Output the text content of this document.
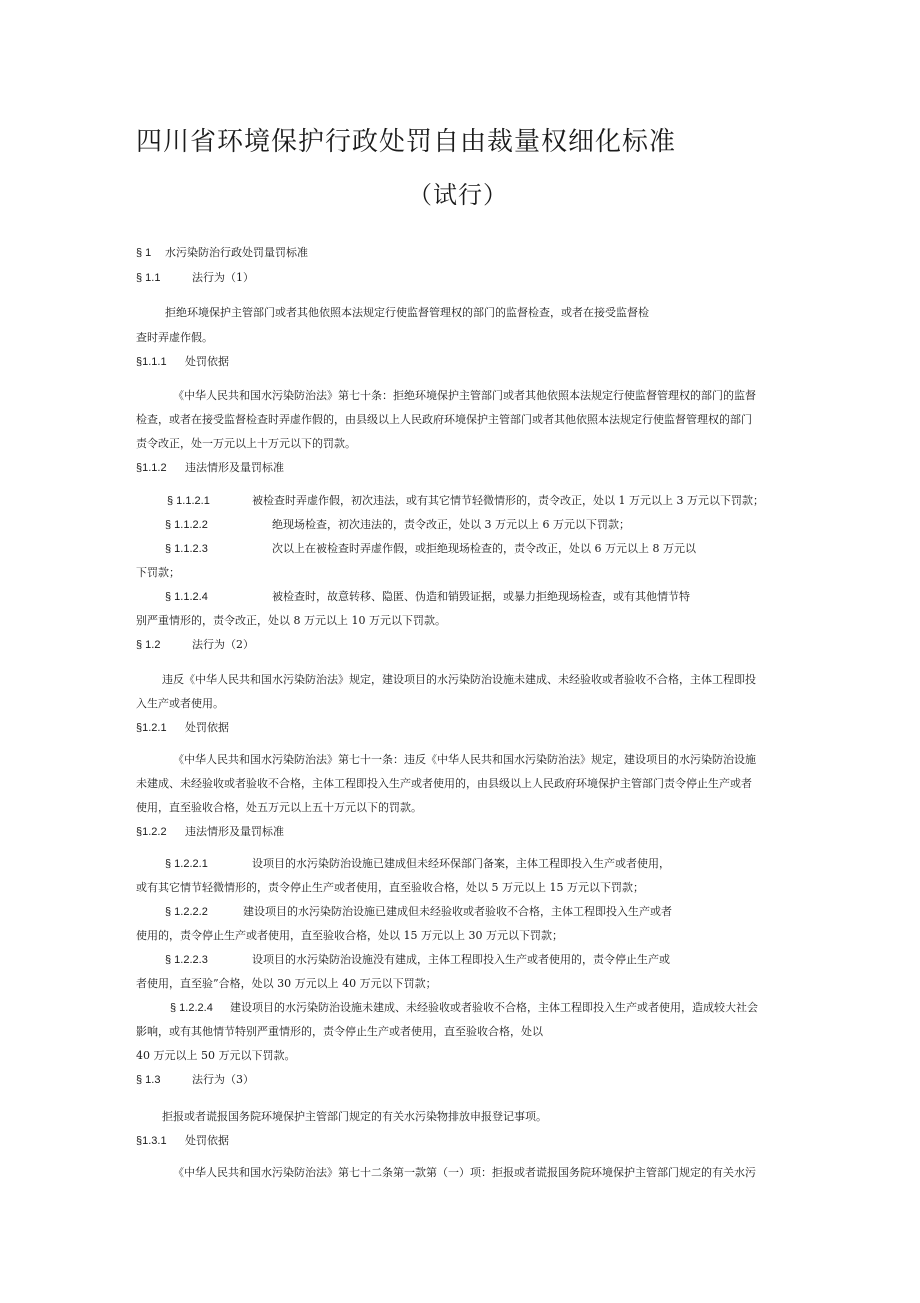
四川省环境保护行政处罚自由裁量权细化标准
（试行）
§ 1 水污染防治行政处罚量罚标准
§ 1.1	法行为（1）
拒绝环境保护主管部门或者其他依照本法规定行使监督管理权的部门的监督检查，或者在接受监督检
查时弄虚作假。
§1.1.1 处罚依据
《中华人民共和国水污染防治法》第七十条：拒绝环境保护主管部门或者其他依照本法规定行使监督管理权的部门的监督
检查，或者在接受监督检查时弄虚作假的，由县级以上人民政府环境保护主管部门或者其他依照本法规定行使监督管理权的部门
责令改正，处一万元以上十万元以下的罚款。
§1.1.2 违法情形及量罚标准
§ 1.1.2.1	被检查时弄虚作假，初次违法，或有其它情节轻微情形的，责令改正，处以 1 万元以上 3 万元以下罚款；
§ 1.1.2.2	绝现场检查，初次违法的，责令改正，处以 3 万元以上 6 万元以下罚款；
§ 1.1.2.3	次以上在被检查时弄虚作假，或拒绝现场检查的，责令改正，处以 6 万元以上 8 万元以
下罚款；
§ 1.1.2.4	被检查时，故意转移、隐匿、伪造和销毁证据，或暴力拒绝现场检查，或有其他情节特
别严重情形的，责令改正，处以 8 万元以上 10 万元以下罚款。
§ 1.2	法行为（2）
违反《中华人民共和国水污染防治法》规定，建设项目的水污染防治设施未建成、未经验收或者验收不合格，主体工程即投
入生产或者使用。
§1.2.1 处罚依据
《中华人民共和国水污染防治法》第七十一条：违反《中华人民共和国水污染防治法》规定，建设项目的水污染防治设施
未建成、未经验收或者验收不合格，主体工程即投入生产或者使用的，由县级以上人民政府环境保护主管部门责令停止生产或者
使用，直至验收合格，处五万元以上五十万元以下的罚款。
§1.2.2 违法情形及量罚标准
§ 1.2.2.1	设项目的水污染防治设施已建成但未经环保部门备案，主体工程即投入生产或者使用，
或有其它情节轻微情形的，责令停止生产或者使用，直至验收合格，处以 5 万元以上 15 万元以下罚款；
§ 1.2.2.2	建设项目的水污染防治设施已建成但未经验收或者验收不合格，主体工程即投入生产或者
使用的，责令停止生产或者使用，直至验收合格，处以 15 万元以上 30 万元以下罚款；
§ 1.2.2.3	设项目的水污染防治设施没有建成，主体工程即投入生产或者使用的，责令停止生产或
者使用，直至验”合格，处以 30 万元以上 40 万元以下罚款；
§ 1.2.2.4 建设项目的水污染防治设施未建成、未经验收或者验收不合格，主体工程即投入生产或者使用，造成较大社会
影响，或有其他情节特别严重情形的，责令停止生产或者使用，直至验收合格，处以
40 万元以上 50 万元以下罚款。
§ 1.3	法行为（3）
拒报或者谎报国务院环境保护主管部门规定的有关水污染物排放申报登记事项。
§1.3.1 处罚依据
《中华人民共和国水污染防治法》第七十二条第一款第（一）项：拒报或者谎报国务院环境保护主管部门规定的有关水污
